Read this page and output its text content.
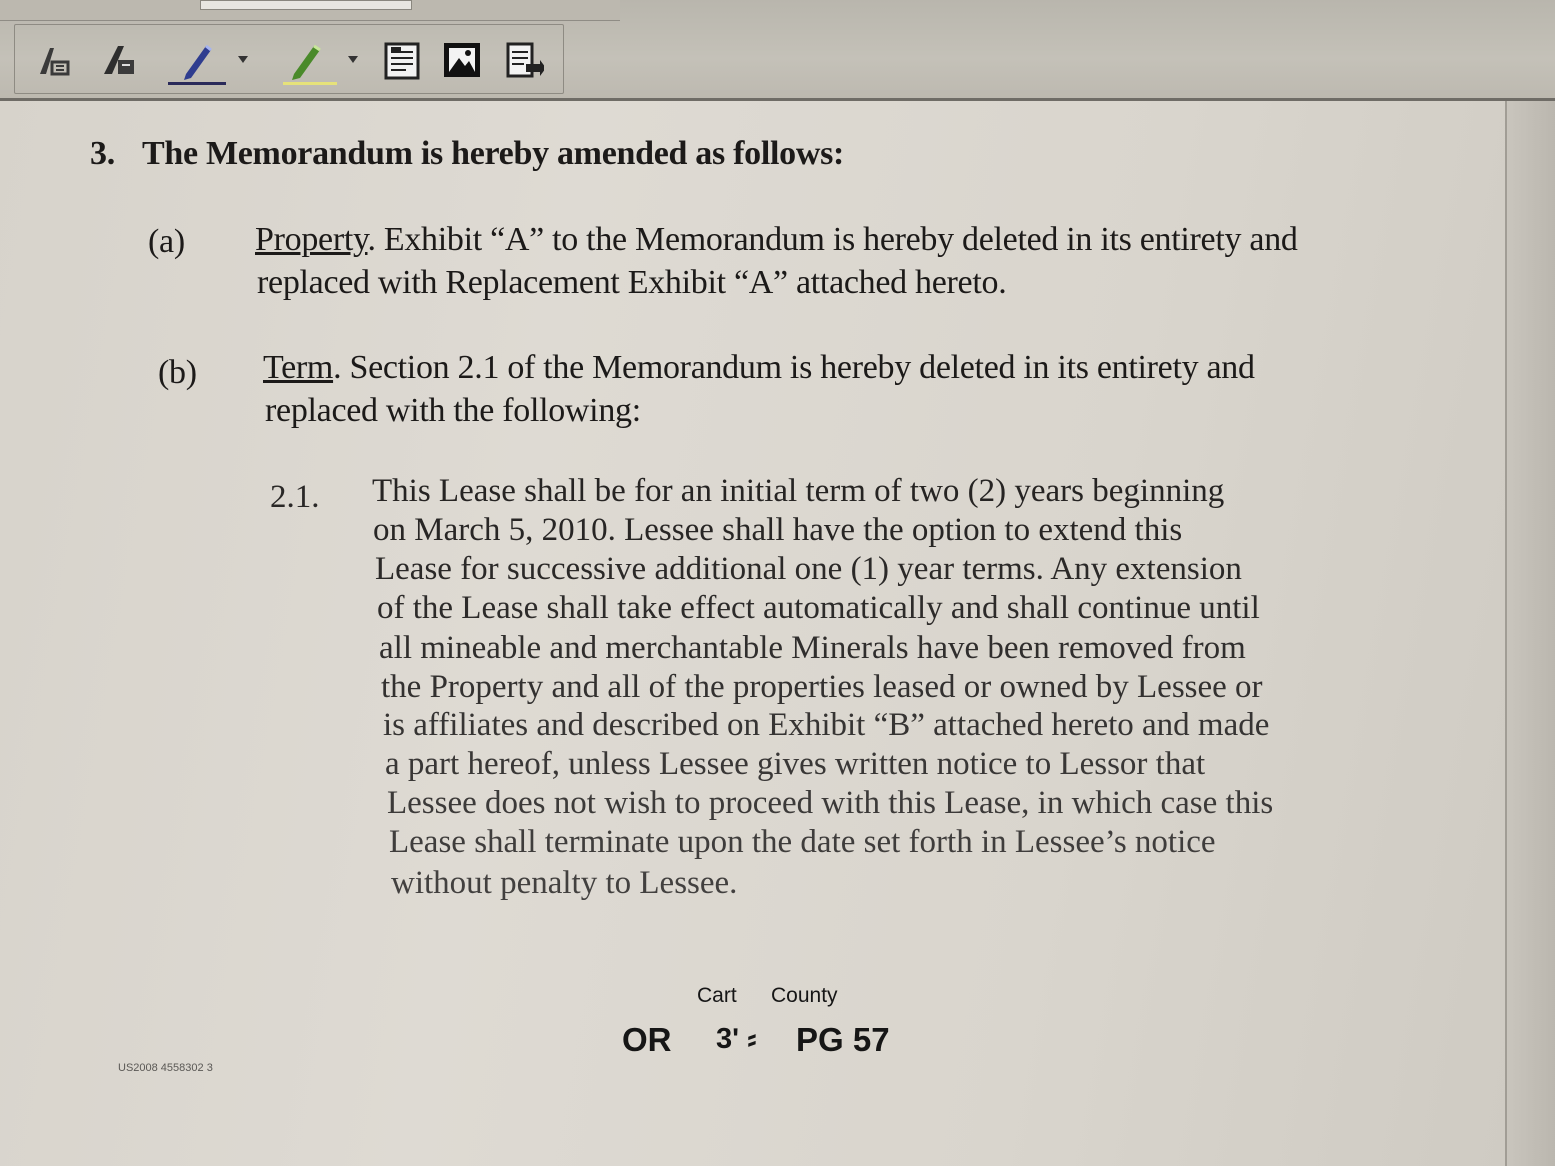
3. The Memorandum is hereby amended as follows:
(a) Property. Exhibit “A” to the Memorandum is hereby deleted in its entirety and
replaced with Replacement Exhibit “A” attached hereto.
(b) Term. Section 2.1 of the Memorandum is hereby deleted in its entirety and
replaced with the following:
2.1. This Lease shall be for an initial term of two (2) years beginning
on March 5, 2010. Lessee shall have the option to extend this
Lease for successive additional one (1) year terms. Any extension
of the Lease shall take effect automatically and shall continue until
all mineable and merchantable Minerals have been removed from
the Property and all of the properties leased or owned by Lessee or
is affiliates and described on Exhibit “B” attached hereto and made
a part hereof, unless Lessee gives written notice to Lessor that
Lessee does not wish to proceed with this Lease, in which case this
Lease shall terminate upon the date set forth in Lessee’s notice
without penalty to Lessee.
Cart County
OR 3ʹ ⸗ PG 57
US2008 4558302 3
